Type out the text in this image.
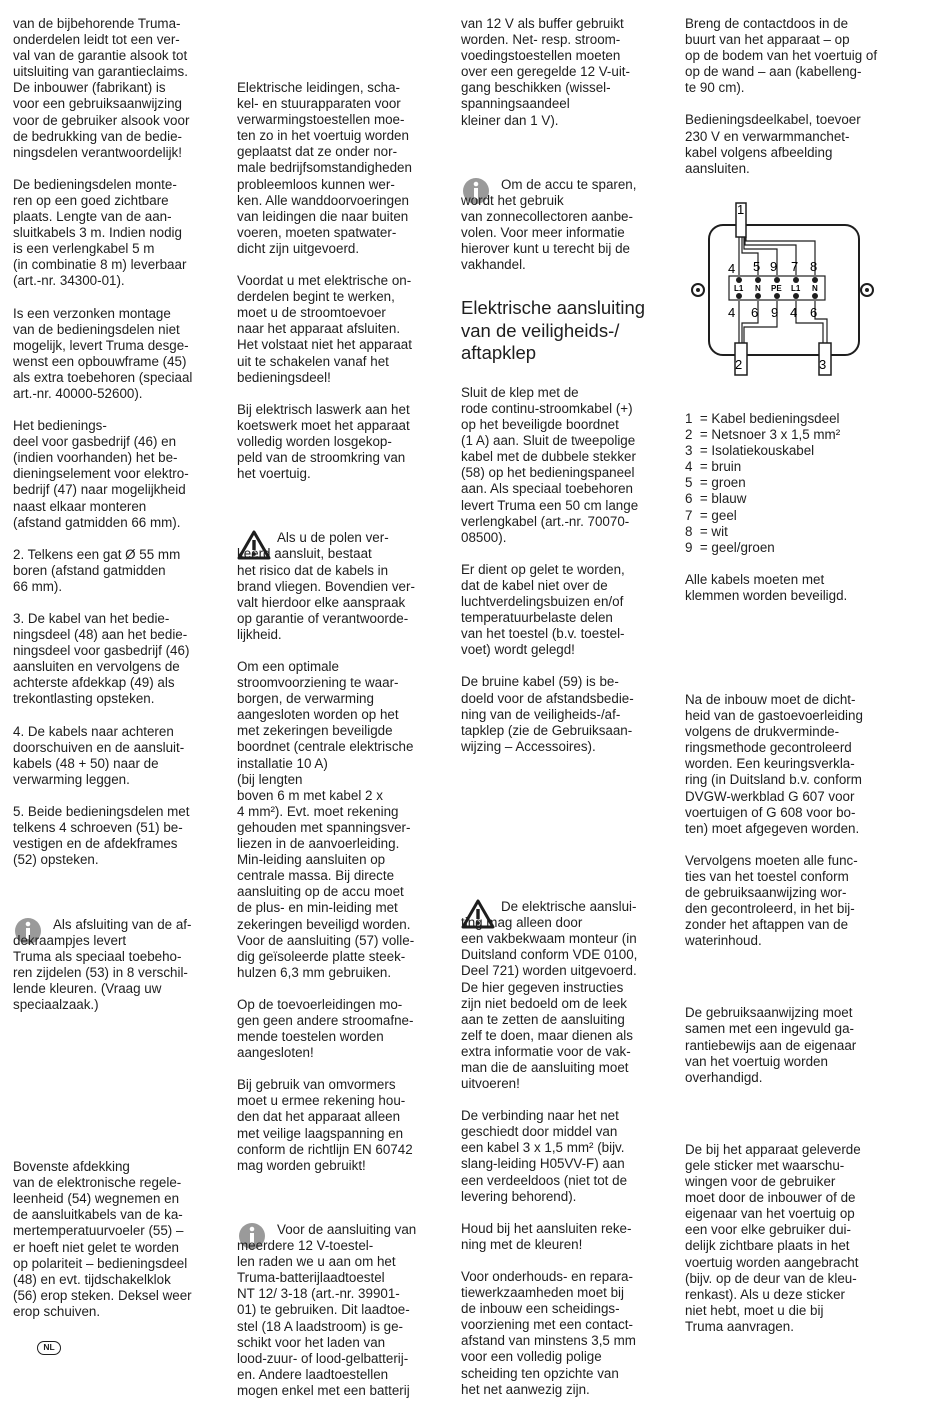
van de bijbehorende Truma-
onderdelen leidt tot een ver-
val van de garantie alsook tot
uitsluiting van garantieclaims.
De inbouwer (fabrikant) is
voor een gebruiksaanwijzing
voor de gebruiker alsook voor
de bedrukking van de bedie-
ningsdelen verantwoordelijk!

De bedieningsdelen monte-
ren op een goed zichtbare
plaats. Lengte van de aan-
sluitkabels 3 m. Indien nodig
is een verlengkabel 5 m
(in combinatie 8 m) leverbaar
(art.-nr. 34300-01).

Is een verzonken montage
van de bedieningsdelen niet
mogelijk, levert Truma desge-
wenst een opbouwframe (45)
als extra toebehoren (speciaal
art.-nr. 40000-52600).

Het bedienings-
deel voor gasbedrijf (46) en
(indien voorhanden) het be-
dieningselement voor elektro-
bedrijf (47) naar mogelijkheid
naast elkaar monteren
(afstand gatmidden 66 mm).

2. Telkens een gat Ø 55 mm
boren (afstand gatmidden
66 mm).

3. De kabel van het bedie-
ningsdeel (48) aan het bedie-
ningsdeel voor gasbedrijf (46)
aansluiten en vervolgens de
achterste afdekkap (49) als
trekontlasting opsteken.

4. De kabels naar achteren
doorschuiven en de aansluit-
kabels (48 + 50) naar de
verwarming leggen.

5. Beide bedieningsdelen met
telkens 4 schroeven (51) be-
vestigen en de afdekframes
(52) opsteken.

Als afsluiting van de af-
dekraampjes levert
Truma als speciaal toebeho-
ren zijdelen (53) in 8 verschil-
lende kleuren. (Vraag uw
speciaalzaak.)

Bovenste afdekking
van de elektronische regele-
leenheid (54) wegnemen en
de aansluitkabels van de ka-
mertemperatuurvoeler (55) –
er hoeft niet gelet te worden
op polariteit – bedieningsdeel
(48) en evt. tijdschakelklok
(56) erop steken. Deksel weer
erop schuiven.

Elektrische leidingen, scha-
kel- en stuurapparaten voor
verwarmingstoestellen moe-
ten zo in het voertuig worden
geplaatst dat ze onder nor-
male bedrijfsomstandigheden
probleemloos kunnen wer-
ken. Alle wanddoorvoeringen
van leidingen die naar buiten
voeren, moeten spatwater-
dicht zijn uitgevoerd.

Voordat u met elektrische on-
derdelen begint te werken,
moet u de stroomtoevoer
naar het apparaat afsluiten.
Het volstaat niet het apparaat
uit te schakelen vanaf het
bedieningsdeel!

Bij elektrisch laswerk aan het
koetswerk moet het apparaat
volledig worden losgekop-
peld van de stroomkring van
het voertuig.

Als u de polen ver-
keerd aansluit, bestaat
het risico dat de kabels in
brand vliegen. Bovendien ver-
valt hierdoor elke aanspraak
op garantie of verantwoorde-
lijkheid.

Om een optimale
stroomvoorziening te waar-
borgen, de verwarming
aangesloten worden op het
met zekeringen beveiligde
boordnet (centrale elektrische
installatie 10 A)
(bij lengten
boven 6 m met kabel 2 x
4 mm²). Evt. moet rekening
gehouden met spanningsver-
liezen in de aanvoerleiding.
Min-leiding aansluiten op
centrale massa. Bij directe
aansluiting op de accu moet
de plus- en min-leiding met
zekeringen beveiligd worden.
Voor de aansluiting (57) volle-
dig geïsoleerde platte steek-
hulzen 6,3 mm gebruiken.

Op de toevoerleidingen mo-
gen geen andere stroomafne-
mende toestelen worden
aangesloten!

Bij gebruik van omvormers
moet u ermee rekening hou-
den dat het apparaat alleen
met veilige laagspanning en
conform de richtlijn EN 60742
mag worden gebruikt!

Voor de aansluiting van
meerdere 12 V-toestel-
len raden we u aan om het
Truma-batterijlaadtoestel
NT 12/ 3-18 (art.-nr. 39901-
01) te gebruiken. Dit laadtoe-
stel (18 A laadstroom) is ge-
schikt voor het laden van
lood-zuur- of lood-gelbatterij-
en. Andere laadtoestellen
mogen enkel met een batterij

van 12 V als buffer gebruikt
worden. Net- resp. stroom-
voedingstoestellen moeten
over een geregelde 12 V-uit-
gang beschikken (wissel-
spanningsaandeel
kleiner dan 1 V).

Om de accu te sparen,
wordt het gebruik
van zonnecollectoren aanbe-
volen. Voor meer informatie
hierover kunt u terecht bij de
vakhandel.

Elektrische aansluiting
van de veiligheids-/
aftapklep

Sluit de klep met de
rode continu-stroomkabel (+)
op het beveiligde boordnet
(1 A) aan. Sluit de tweepolige
kabel met de dubbele stekker
(58) op het bedieningspaneel
aan. Als speciaal toebehoren
levert Truma een 50 cm lange
verlengkabel (art.-nr. 70070-
08500).

Er dient op gelet te worden,
dat de kabel niet over de
luchtverdelingsbuizen en/of
temperatuurbelaste delen
van het toestel (b.v. toestel-
voet) wordt gelegd!

De bruine kabel (59) is be-
doeld voor de afstandsbedie-
ning van de veiligheids-/af-
tapklep (zie de Gebruiksaan-
wijzing – Accessoires).

De elektrische aanslui-
ting mag alleen door
een vakbekwaam monteur (in
Duitsland conform VDE 0100,
Deel 721) worden uitgevoerd.
De hier gegeven instructies
zijn niet bedoeld om de leek
aan te zetten de aansluiting
zelf te doen, maar dienen als
extra informatie voor de vak-
man die de aansluiting moet
uitvoeren!

De verbinding naar het net
geschiedt door middel van
een kabel 3 x 1,5 mm² (bijv.
slang-leiding H05VV-F) aan
een verdeeldoos (niet tot de
levering behorend).

Houd bij het aansluiten reke-
ning met de kleuren!

Voor onderhouds- en repara-
tiewerkzaamheden moet bij
de inbouw een scheidings-
voorziening met een contact-
afstand van minstens 3,5 mm
voor een volledig polige
scheiding ten opzichte van
het net aanwezig zijn.

Breng de contactdoos in de
buurt van het apparaat – op
op de bodem van het voertuig of
op de wand – aan (kabelleng-
te 90 cm).

Bedieningsdeelkabel, toevoer
230 V en verwarmmanchet-
kabel volgens afbeelding
aansluiten.

1
2	3
L1 N PE L1 N
4 5 9 7 8
4 6 9 4 6
1  = Kabel bedieningsdeel
2  = Netsnoer 3 x 1,5 mm²
3  = Isolatiekouskabel
4  = bruin
5  = groen
6  = blauw
7  = geel
8  = wit
9  = geel/groen

Alle kabels moeten met
klemmen worden beveiligd.

Na de inbouw moet de dicht-
heid van de gastoevoerleiding
volgens de drukverminde-
ringsmethode gecontroleerd
worden. Een keuringsverkla-
ring (in Duitsland b.v. conform
DVGW-werkblad G 607 voor
voertuigen of G 608 voor bo-
ten) moet afgegeven worden.

Vervolgens moeten alle func-
ties van het toestel conform
de gebruiksaanwijzing wor-
den gecontroleerd, in het bij-
zonder het aftappen van de
waterinhoud.

De gebruiksaanwijzing moet
samen met een ingevuld ga-
rantiebewijs aan de eigenaar
van het voertuig worden
overhandigd.

De bij het apparaat geleverde
gele sticker met waarschu-
wingen voor de gebruiker
moet door de inbouwer of de
eigenaar van het voertuig op
een voor elke gebruiker dui-
delijk zichtbare plaats in het
voertuig worden aangebracht
(bijv. op de deur van de kleu-
renkast). Als u deze sticker
niet hebt, moet u die bij
Truma aanvragen.

NL
